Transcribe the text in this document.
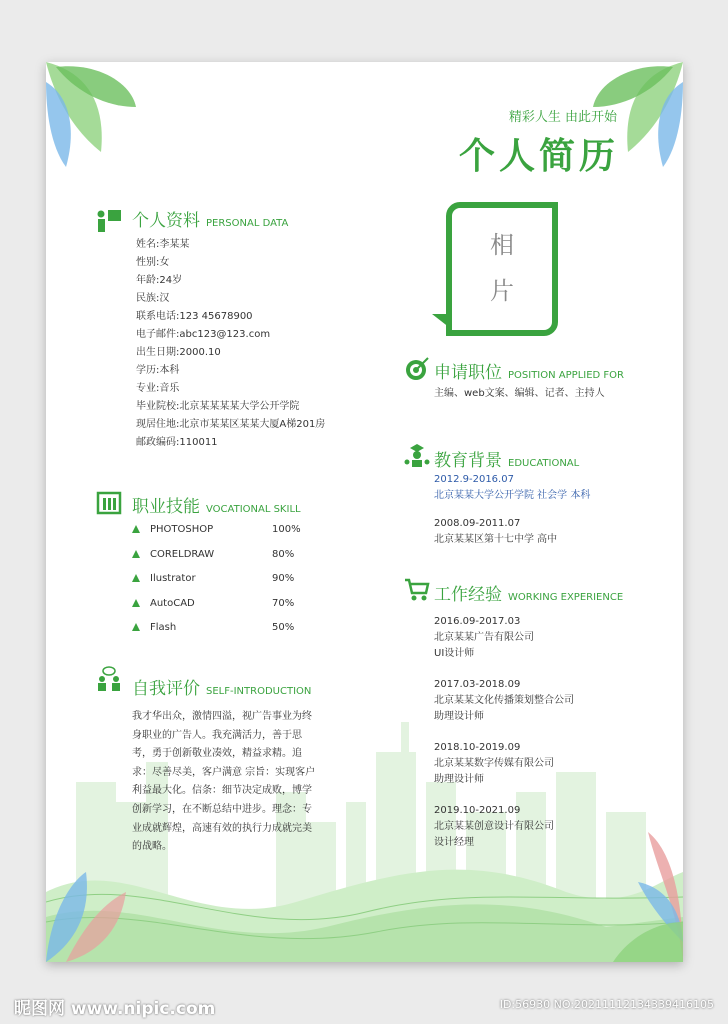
精彩人生 由此开始
个人简历
相
片
个人资料 PERSONAL DATA
姓名:李某某
性别:女
年龄:24岁
民族:汉
联系电话:123 45678900
电子邮件:abc123@123.com
出生日期:2000.10
学历:本科
专业:音乐
毕业院校:北京某某某某大学公开学院
现居住地:北京市某某区某某大厦A梯201房
邮政编码:110011
职业技能 VOCATIONAL SKILL
PHOTOSHOP	100%
CORELDRAW	80%
Ilustrator	90%
AutoCAD	70%
Flash	50%
自我评价 SELF-INTRODUCTION
我才华出众，激情四溢，视广告事业为终身职业的广告人。我充满活力，善于思考，勇于创新敬业凑效，精益求精。追求：尽善尽美，客户满意 宗旨：实现客户利益最大化。信条：细节决定成败，博学创新学习，在不断总结中进步。理念：专业成就辉煌，高速有效的执行力成就完美的战略。
申请职位 POSITION APPLIED FOR
主编、web文案、编辑、记者、主持人
教育背景 EDUCATIONAL
2012.9-2016.07
北京某某大学公开学院 社会学 本科
2008.09-2011.07
北京某某区第十七中学 高中
工作经验 WORKING EXPERIENCE
2016.09-2017.03
北京某某广告有限公司
UI设计师
2017.03-2018.09
北京某某文化传播策划整合公司
助理设计师
2018.10-2019.09
北京某某数字传媒有限公司
助理设计师
2019.10-2021.09
北京某某创意设计有限公司
设计经理
昵图网 www.nipic.com	ID:56930 NO:20211112134339416105
